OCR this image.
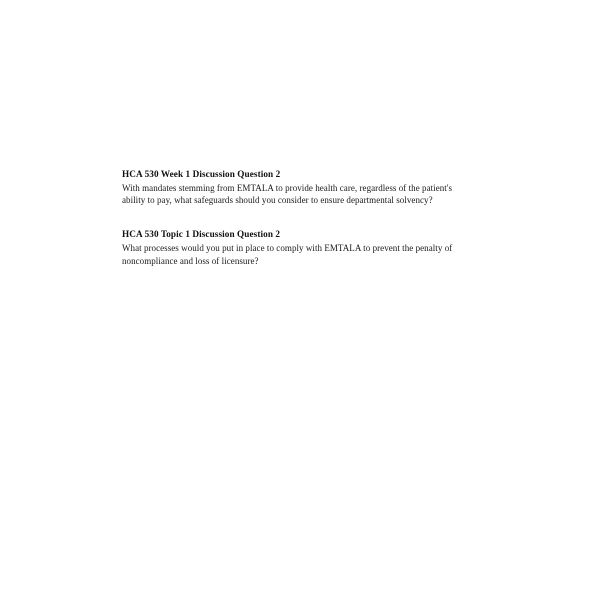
HCA 530 Week 1 Discussion Question 2

With mandates stemming from EMTALA to provide health care, regardless of the patient's ability to pay, what safeguards should you consider to ensure departmental solvency?

HCA 530 Topic 1 Discussion Question 2

What processes would you put in place to comply with EMTALA to prevent the penalty of noncompliance and loss of licensure?
